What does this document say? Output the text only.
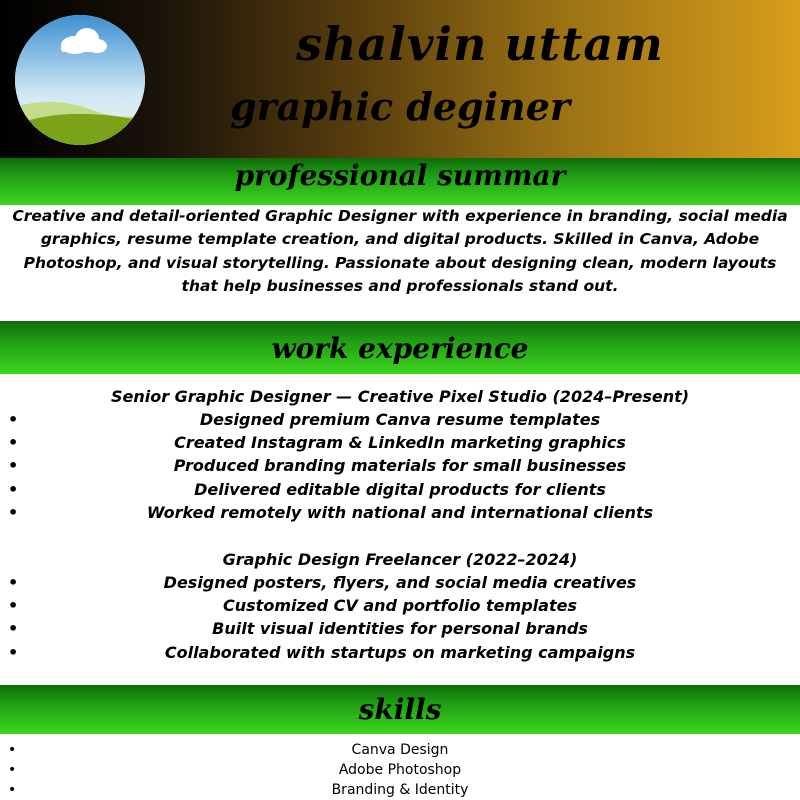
shalvin uttam
graphic deginer
professional summar
Creative and detail-oriented Graphic Designer with experience in branding, social media graphics, resume template creation, and digital products. Skilled in Canva, Adobe Photoshop, and visual storytelling. Passionate about designing clean, modern layouts that help businesses and professionals stand out.
work experience
Senior Graphic Designer — Creative Pixel Studio (2024–Present)
• Designed premium Canva resume templates
• Created Instagram & LinkedIn marketing graphics
• Produced branding materials for small businesses
• Delivered editable digital products for clients
• Worked remotely with national and international clients
Graphic Design Freelancer (2022–2024)
• Designed posters, flyers, and social media creatives
• Customized CV and portfolio templates
• Built visual identities for personal brands
• Collaborated with startups on marketing campaigns
skills
• Canva Design
• Adobe Photoshop
• Branding & Identity
